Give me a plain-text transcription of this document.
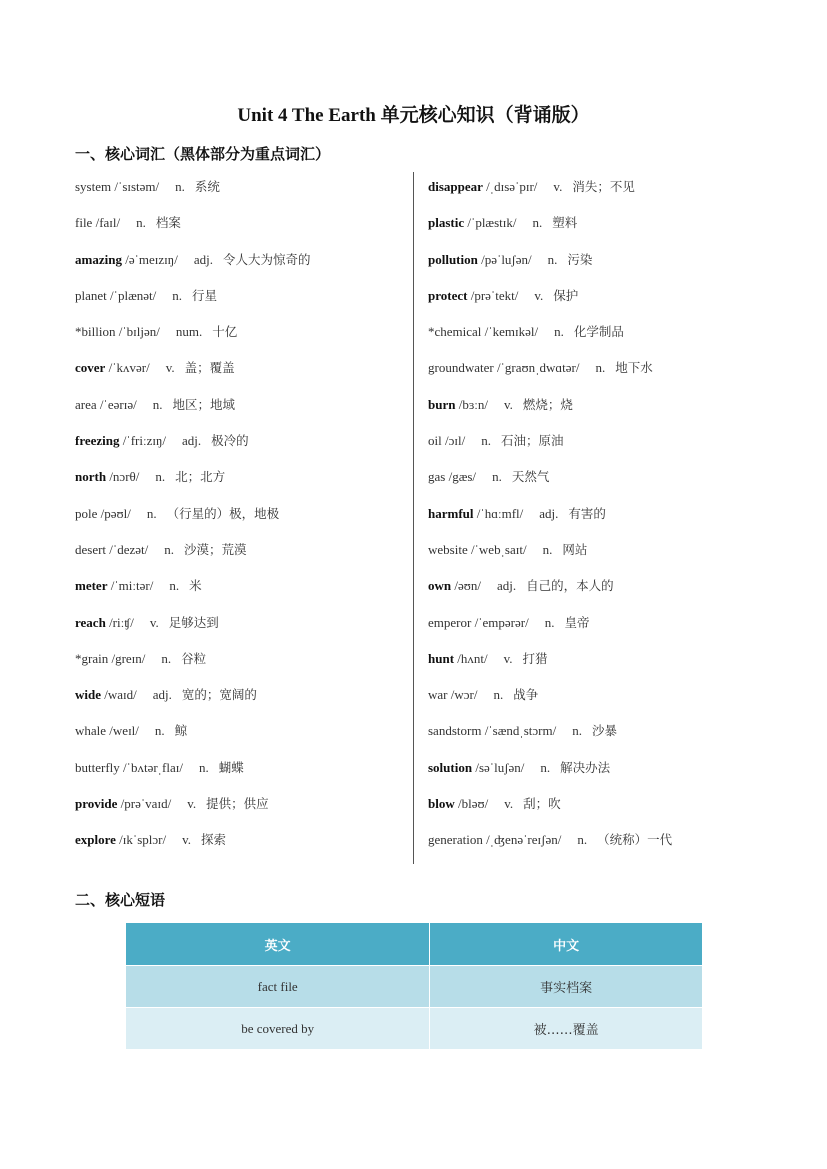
Unit 4 The Earth 单元核心知识（背诵版）
一、核心词汇（黑体部分为重点词汇）
system /ˈsɪstəm/ n. 系统
file /faɪl/ n. 档案
amazing /əˈmeɪzɪŋ/ adj. 令人大为惊奇的
planet /ˈplænət/ n. 行星
*billion /ˈbɪljən/ num. 十亿
cover /ˈkʌvər/ v. 盖；覆盖
area /ˈeərɪə/ n. 地区；地域
freezing /ˈfriːzɪŋ/ adj. 极冷的
north /nɔrθ/ n. 北；北方
pole /pəʊl/ n. （行星的）极，地极
desert /ˈdezət/ n. 沙漠；荒漠
meter /ˈmiːtər/ n. 米
reach /riːʧ/ v. 足够达到
*grain /greɪn/ n. 谷粒
wide /waɪd/ adj. 宽的；宽阔的
whale /weɪl/ n. 鲸
butterfly /ˈbʌtərˌflaɪ/ n. 蝴蝶
provide /prəˈvaɪd/ v. 提供；供应
explore /ɪkˈsplɔr/ v. 探索
disappear /ˌdɪsəˈpɪr/ v. 消失；不见
plastic /ˈplæstɪk/ n. 塑料
pollution /pəˈluʃən/ n. 污染
protect /prəˈtekt/ v. 保护
*chemical /ˈkemɪkəl/ n. 化学制品
groundwater /ˈgraʊnˌdwɑtər/ n. 地下水
burn /bɜːn/ v. 燃烧；烧
oil /ɔɪl/ n. 石油；原油
gas /gæs/ n. 天然气
harmful /ˈhɑːmfl/ adj. 有害的
website /ˈwebˌsaɪt/ n. 网站
own /əʊn/ adj. 自己的，本人的
emperor /ˈempərər/ n. 皇帝
hunt /hʌnt/ v. 打猎
war /wɔr/ n. 战争
sandstorm /ˈsændˌstɔrm/ n. 沙暴
solution /səˈluʃən/ n. 解决办法
blow /bləʊ/ v. 刮；吹
generation /ˌʤenəˈreɪʃən/ n. （统称）一代
二、核心短语
英文	中文
fact file	事实档案
be covered by	被……覆盖
